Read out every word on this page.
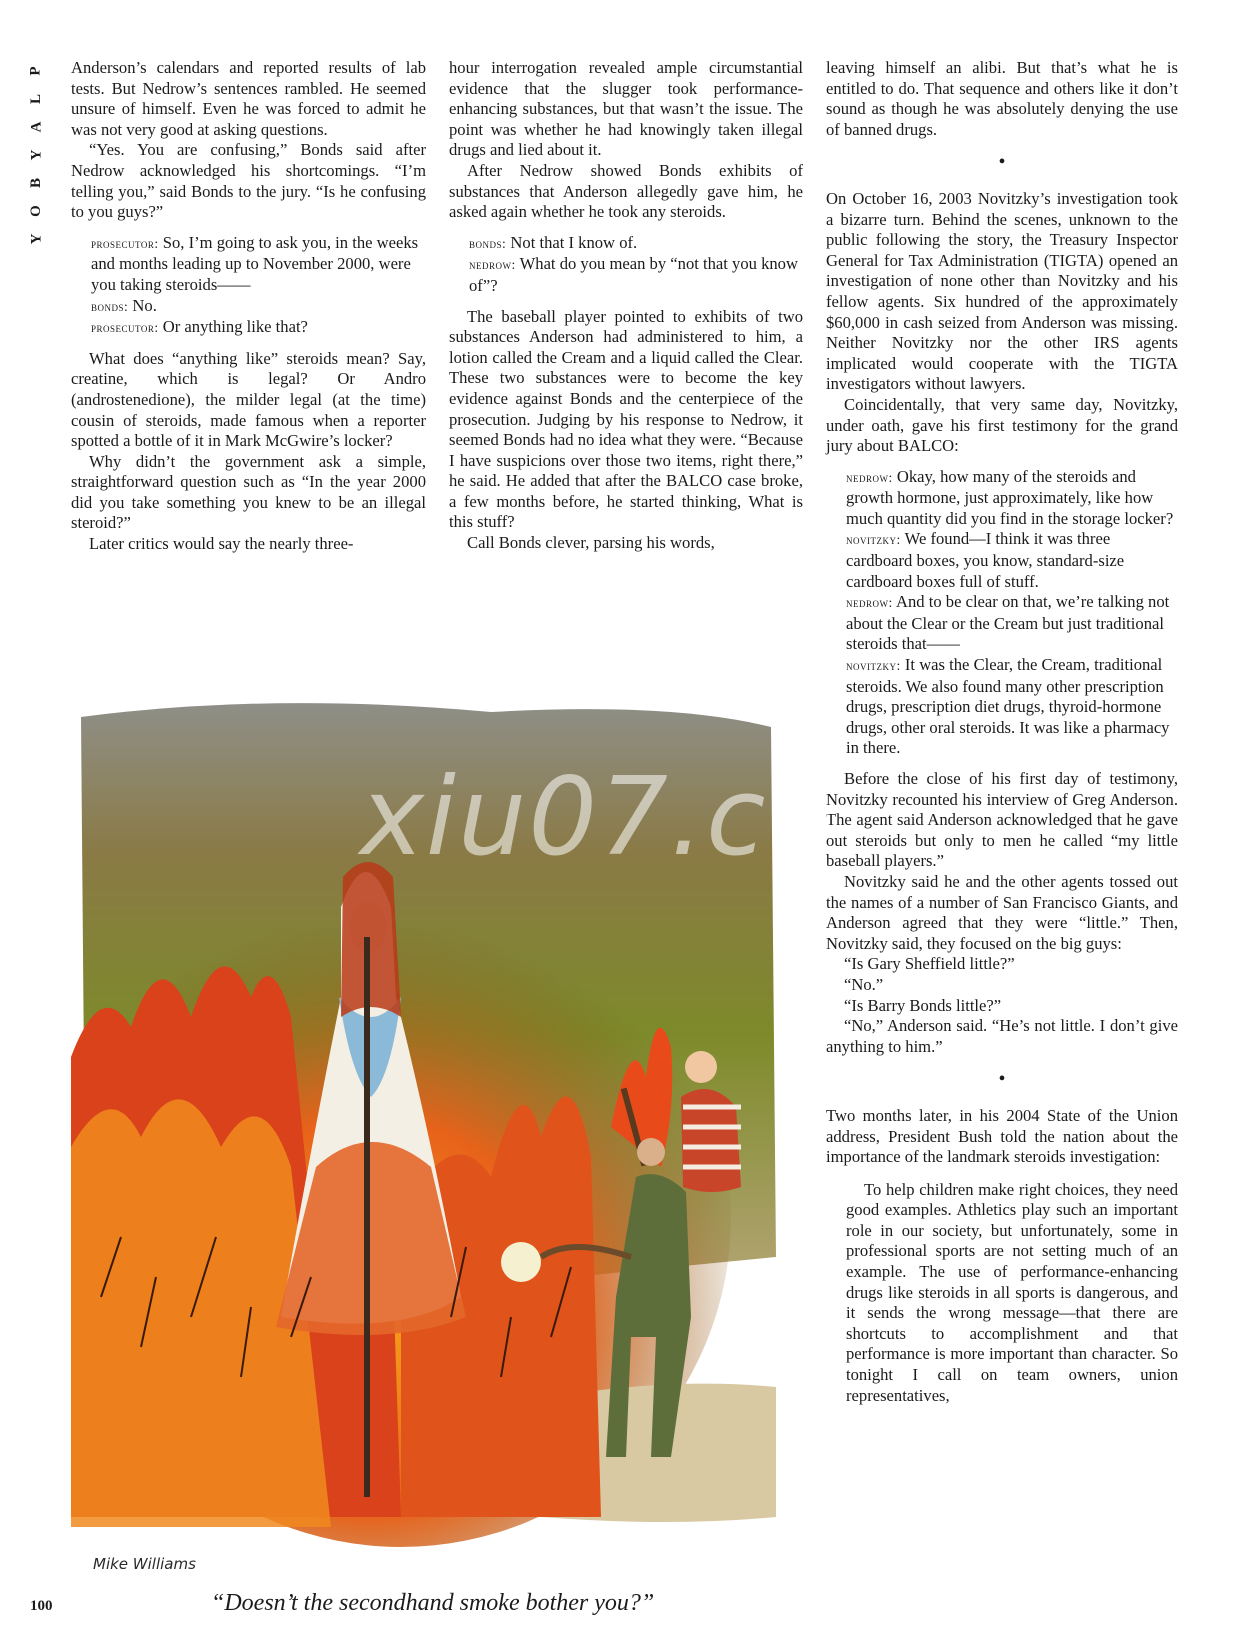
P
L
A
Y
B
O
Y

Anderson’s calendars and reported results of lab tests. But Nedrow’s sentences rambled. He seemed unsure of himself. Even he was forced to admit he was not very good at asking questions.

“Yes. You are confusing,” Bonds said after Nedrow acknowledged his shortcomings. “I’m telling you,” said Bonds to the jury. “Is he confusing to you guys?”

prosecutor: So, I’m going to ask you, in the weeks and months leading up to November 2000, were you taking steroids——

bonds: No.

prosecutor: Or anything like that?

What does “anything like” steroids mean? Say, creatine, which is legal? Or Andro (androstenedione), the milder legal (at the time) cousin of steroids, made famous when a reporter spotted a bottle of it in Mark McGwire’s locker?

Why didn’t the government ask a simple, straightforward question such as “In the year 2000 did you take something you knew to be an illegal steroid?”

Later critics would say the nearly three-

hour interrogation revealed ample circumstantial evidence that the slugger took performance-enhancing substances, but that wasn’t the issue. The point was whether he had knowingly taken illegal drugs and lied about it.

After Nedrow showed Bonds exhibits of substances that Anderson allegedly gave him, he asked again whether he took any steroids.

bonds: Not that I know of.

nedrow: What do you mean by “not that you know of”?

The baseball player pointed to exhibits of two substances Anderson had administered to him, a lotion called the Cream and a liquid called the Clear. These two substances were to become the key evidence against Bonds and the centerpiece of the prosecution. Judging by his response to Nedrow, it seemed Bonds had no idea what they were. “Because I have suspicions over those two items, right there,” he said. He added that after the BALCO case broke, a few months before, he started thinking, What is this stuff?

Call Bonds clever, parsing his words,

leaving himself an alibi. But that’s what he is entitled to do. That sequence and others like it don’t sound as though he was absolutely denying the use of banned drugs.

•

On October 16, 2003 Novitzky’s investigation took a bizarre turn. Behind the scenes, unknown to the public following the story, the Treasury Inspector General for Tax Administration (TIGTA) opened an investigation of none other than Novitzky and his fellow agents. Six hundred of the approximately $60,000 in cash seized from Anderson was missing. Neither Novitzky nor the other IRS agents implicated would cooperate with the TIGTA investigators without lawyers.

Coincidentally, that very same day, Novitzky, under oath, gave his first testimony for the grand jury about BALCO:

nedrow: Okay, how many of the steroids and growth hormone, just approximately, like how much quantity did you find in the storage locker?

novitzky: We found—I think it was three cardboard boxes, you know, standard-size cardboard boxes full of stuff.

nedrow: And to be clear on that, we’re talking not about the Clear or the Cream but just traditional steroids that——

novitzky: It was the Clear, the Cream, traditional steroids. We also found many other prescription drugs, prescription diet drugs, thyroid-hormone drugs, other oral steroids. It was like a pharmacy in there.

Before the close of his first day of testimony, Novitzky recounted his interview of Greg Anderson. The agent said Anderson acknowledged that he gave out steroids but only to men he called “my little baseball players.”

Novitzky said he and the other agents tossed out the names of a number of San Francisco Giants, and Anderson agreed that they were “little.” Then, Novitzky said, they focused on the big guys:

“Is Gary Sheffield little?”

“No.”

“Is Barry Bonds little?”

“No,” Anderson said. “He’s not little. I don’t give anything to him.”

•

Two months later, in his 2004 State of the Union address, President Bush told the nation about the importance of the landmark steroids investigation:

To help children make right choices, they need good examples. Athletics play such an important role in our society, but unfortunately, some in professional sports are not setting much of an example. The use of performance-enhancing drugs like steroids in all sports is dangerous, and it sends the wrong message—that there are shortcuts to accomplishment and that performance is more important than character. So tonight I call on team owners, union representatives,

Mike Williams
xiu07.co
“Doesn’t the secondhand smoke bother you?”
100
